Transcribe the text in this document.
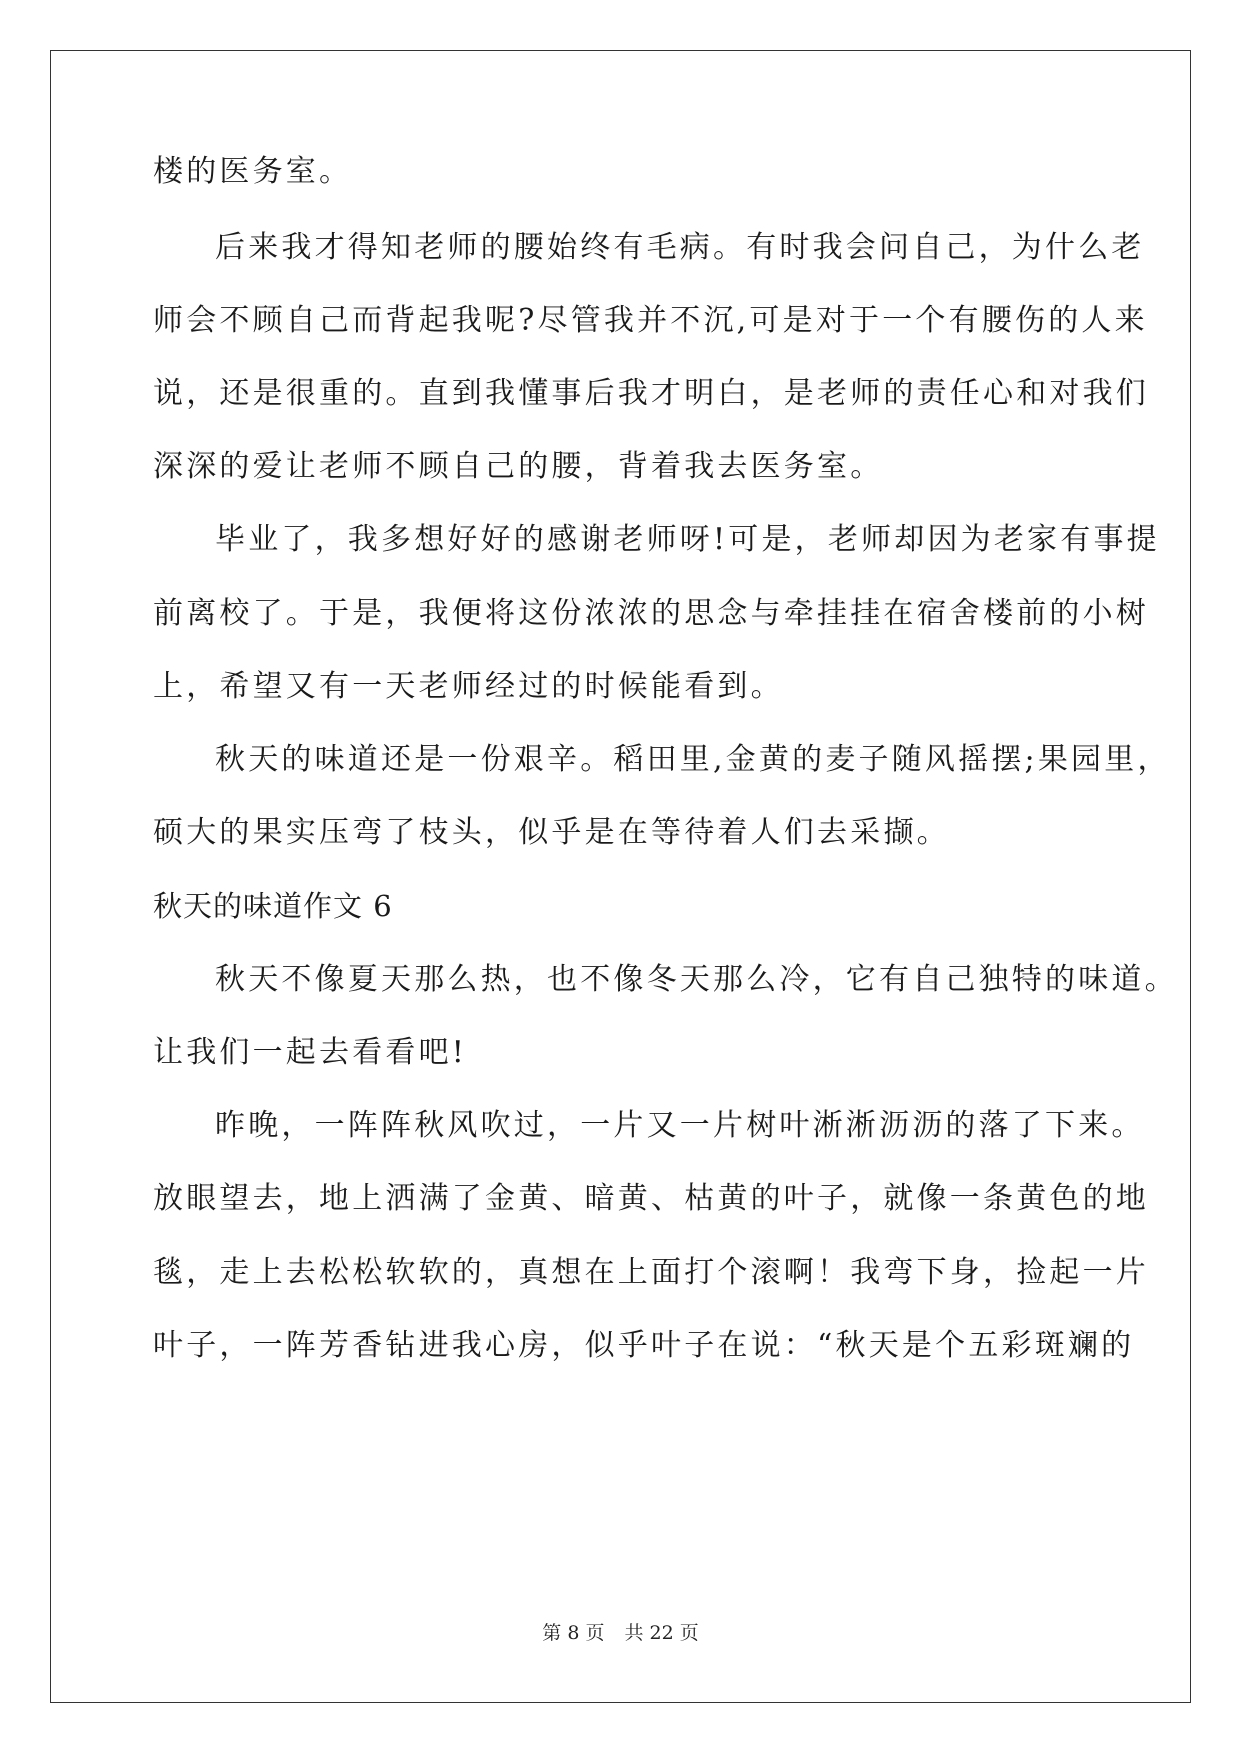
楼的医务室。
后来我才得知老师的腰始终有毛病。有时我会问自己，为什么老
师会不顾自己而背起我呢?尽管我并不沉,可是对于一个有腰伤的人来
说，还是很重的。直到我懂事后我才明白，是老师的责任心和对我们
深深的爱让老师不顾自己的腰，背着我去医务室。
毕业了，我多想好好的感谢老师呀!可是，老师却因为老家有事提
前离校了。于是，我便将这份浓浓的思念与牵挂挂在宿舍楼前的小树
上，希望又有一天老师经过的时候能看到。
秋天的味道还是一份艰辛。稻田里,金黄的麦子随风摇摆;果园里，
硕大的果实压弯了枝头，似乎是在等待着人们去采撷。
秋天的味道作文 6
秋天不像夏天那么热，也不像冬天那么冷，它有自己独特的味道。
让我们一起去看看吧!
昨晚，一阵阵秋风吹过，一片又一片树叶淅淅沥沥的落了下来。
放眼望去，地上洒满了金黄、暗黄、枯黄的叶子，就像一条黄色的地
毯，走上去松松软软的，真想在上面打个滚啊！我弯下身，捡起一片
叶子，一阵芳香钻进我心房，似乎叶子在说：“秋天是个五彩斑斓的
第 8 页 共 22 页
